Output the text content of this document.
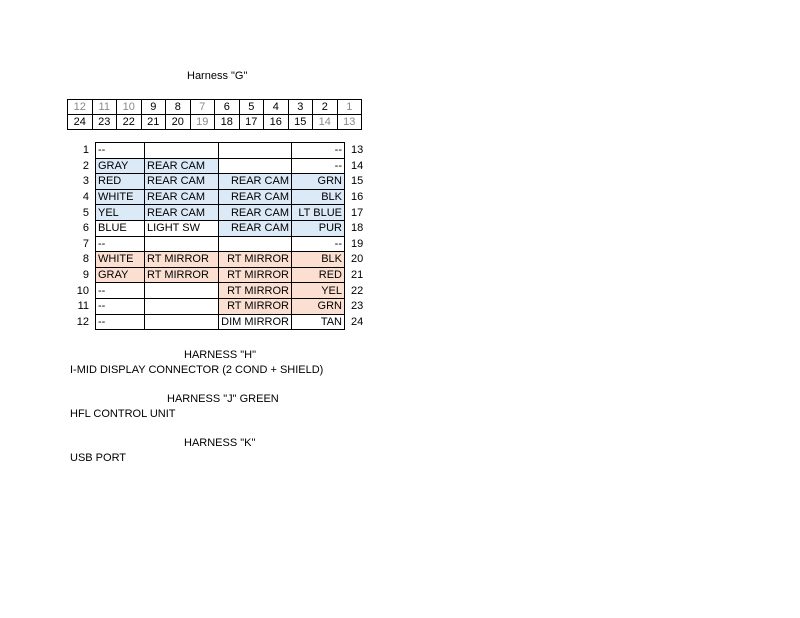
Harness "G"
12	11	10	9	8	7	6	5	4	3	2	1
24	23	22	21	20	19	18	17	16	15	14	13
1	--			--	13
2	GRAY	REAR CAM		--	14
3	RED	REAR CAM	REAR CAM	GRN	15
4	WHITE	REAR CAM	REAR CAM	BLK	16
5	YEL	REAR CAM	REAR CAM	LT BLUE	17
6	BLUE	LIGHT SW	REAR CAM	PUR	18
7	--			--	19
8	WHITE	RT MIRROR	RT MIRROR	BLK	20
9	GRAY	RT MIRROR	RT MIRROR	RED	21
10	--		RT MIRROR	YEL	22
11	--		RT MIRROR	GRN	23
12	--		DIM MIRROR	TAN	24
HARNESS "H"
I-MID DISPLAY CONNECTOR (2 COND + SHIELD)
HARNESS "J" GREEN
HFL CONTROL UNIT
HARNESS "K"
USB PORT
